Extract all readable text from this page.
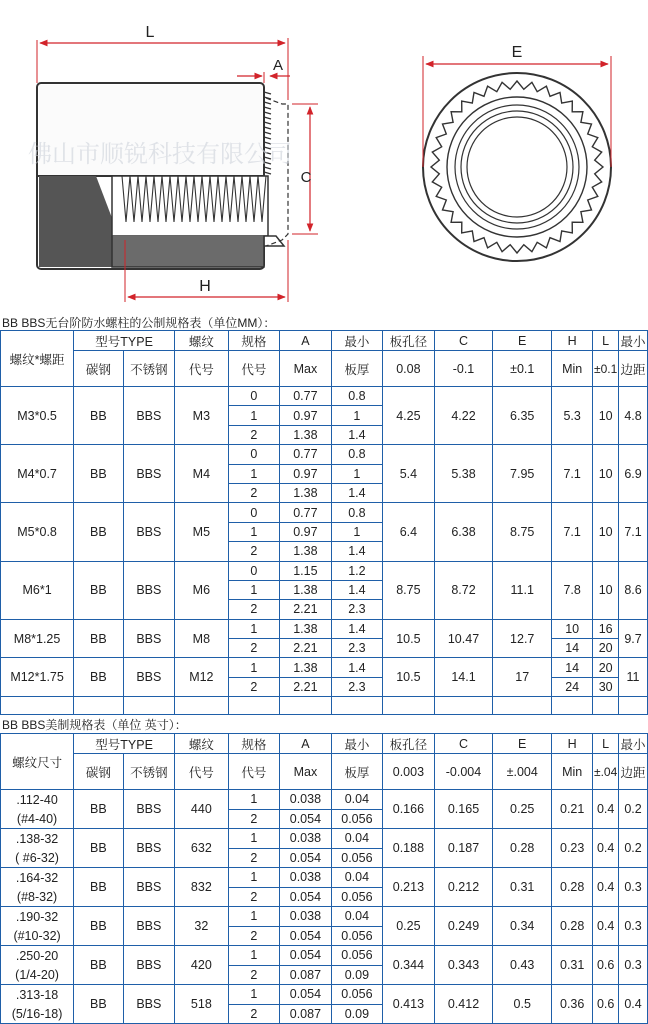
L
A
C
H
E
佛山市顺锐科技有限公司
BB BBS无台阶防水螺柱的公制规格表（单位MM）：
螺纹*螺距	型号TYPE		螺纹	规格	A	最小	板孔径	C	E	H	L	最小
	碳钢	不锈钢	代号	代号	Max	板厚	0.08	-0.1	±0.1	Min	±0.1	边距
M3*0.5	BB	BBS	M3	0	0.77	0.8	4.25	4.22	6.35	5.3	10	4.8
				1	0.97	1						
				2	1.38	1.4						
M4*0.7	BB	BBS	M4	0	0.77	0.8	5.4	5.38	7.95	7.1	10	6.9
				1	0.97	1						
				2	1.38	1.4						
M5*0.8	BB	BBS	M5	0	0.77	0.8	6.4	6.38	8.75	7.1	10	7.1
				1	0.97	1						
				2	1.38	1.4						
M6*1	BB	BBS	M6	0	1.15	1.2	8.75	8.72	11.1	7.8	10	8.6
				1	1.38	1.4						
				2	2.21	2.3						
M8*1.25	BB	BBS	M8	1	1.38	1.4	10.5	10.47	12.7	10	16	9.7
				2	2.21	2.3				14	20	
M12*1.75	BB	BBS	M12	1	1.38	1.4	10.5	14.1	17	14	20	11
				2	2.21	2.3				24	30	

BB BBS美制规格表（单位 英寸）：
螺纹尺寸	型号TYPE		螺纹	规格	A	最小	板孔径	C	E	H	L	最小
	碳钢	不锈钢	代号	代号	Max	板厚	0.003	-0.004	±.004	Min	±.04	边距
.112-40	BB	BBS	440	1	0.038	0.04	0.166	0.165	0.25	0.21	0.4	0.2
(#4-40)				2	0.054	0.056						
.138-32	BB	BBS	632	1	0.038	0.04	0.188	0.187	0.28	0.23	0.4	0.2
( #6-32)				2	0.054	0.056						
.164-32	BB	BBS	832	1	0.038	0.04	0.213	0.212	0.31	0.28	0.4	0.3
(#8-32)				2	0.054	0.056						
.190-32	BB	BBS	32	1	0.038	0.04	0.25	0.249	0.34	0.28	0.4	0.3
(#10-32)				2	0.054	0.056						
.250-20	BB	BBS	420	1	0.054	0.056	0.344	0.343	0.43	0.31	0.6	0.3
(1/4-20)				2	0.087	0.09						
.313-18	BB	BBS	518	1	0.054	0.056	0.413	0.412	0.5	0.36	0.6	0.4
(5/16-18)				2	0.087	0.09						
